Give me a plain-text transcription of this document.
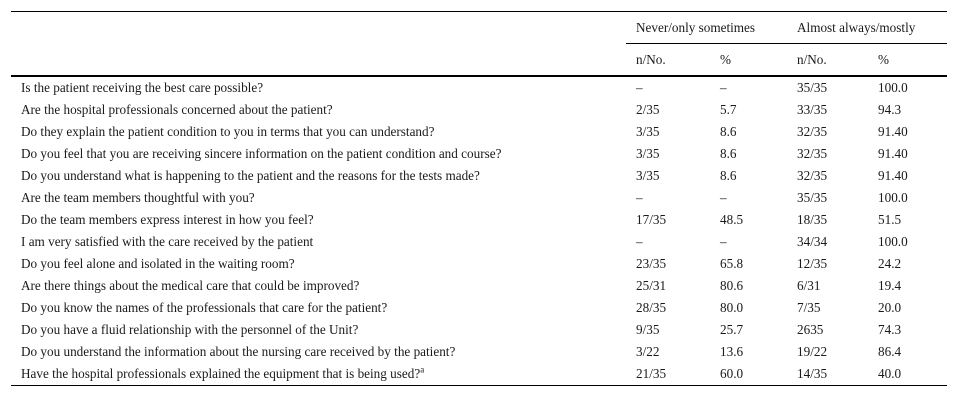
	Never/only sometimes		Almost always/mostly	
	n/No.	%	n/No.	%
Is the patient receiving the best care possible?	–	–	35/35	100.0
Are the hospital professionals concerned about the patient?	2/35	5.7	33/35	94.3
Do they explain the patient condition to you in terms that you can understand?	3/35	8.6	32/35	91.40
Do you feel that you are receiving sincere information on the patient condition and course?	3/35	8.6	32/35	91.40
Do you understand what is happening to the patient and the reasons for the tests made?	3/35	8.6	32/35	91.40
Are the team members thoughtful with you?	–	–	35/35	100.0
Do the team members express interest in how you feel?	17/35	48.5	18/35	51.5
I am very satisfied with the care received by the patient	–	–	34/34	100.0
Do you feel alone and isolated in the waiting room?	23/35	65.8	12/35	24.2
Are there things about the medical care that could be improved?	25/31	80.6	6/31	19.4
Do you know the names of the professionals that care for the patient?	28/35	80.0	7/35	20.0
Do you have a fluid relationship with the personnel of the Unit?	9/35	25.7	2635	74.3
Do you understand the information about the nursing care received by the patient?	3/22	13.6	19/22	86.4
Have the hospital professionals explained the equipment that is being used?$^a$	21/35	60.0	14/35	40.0
